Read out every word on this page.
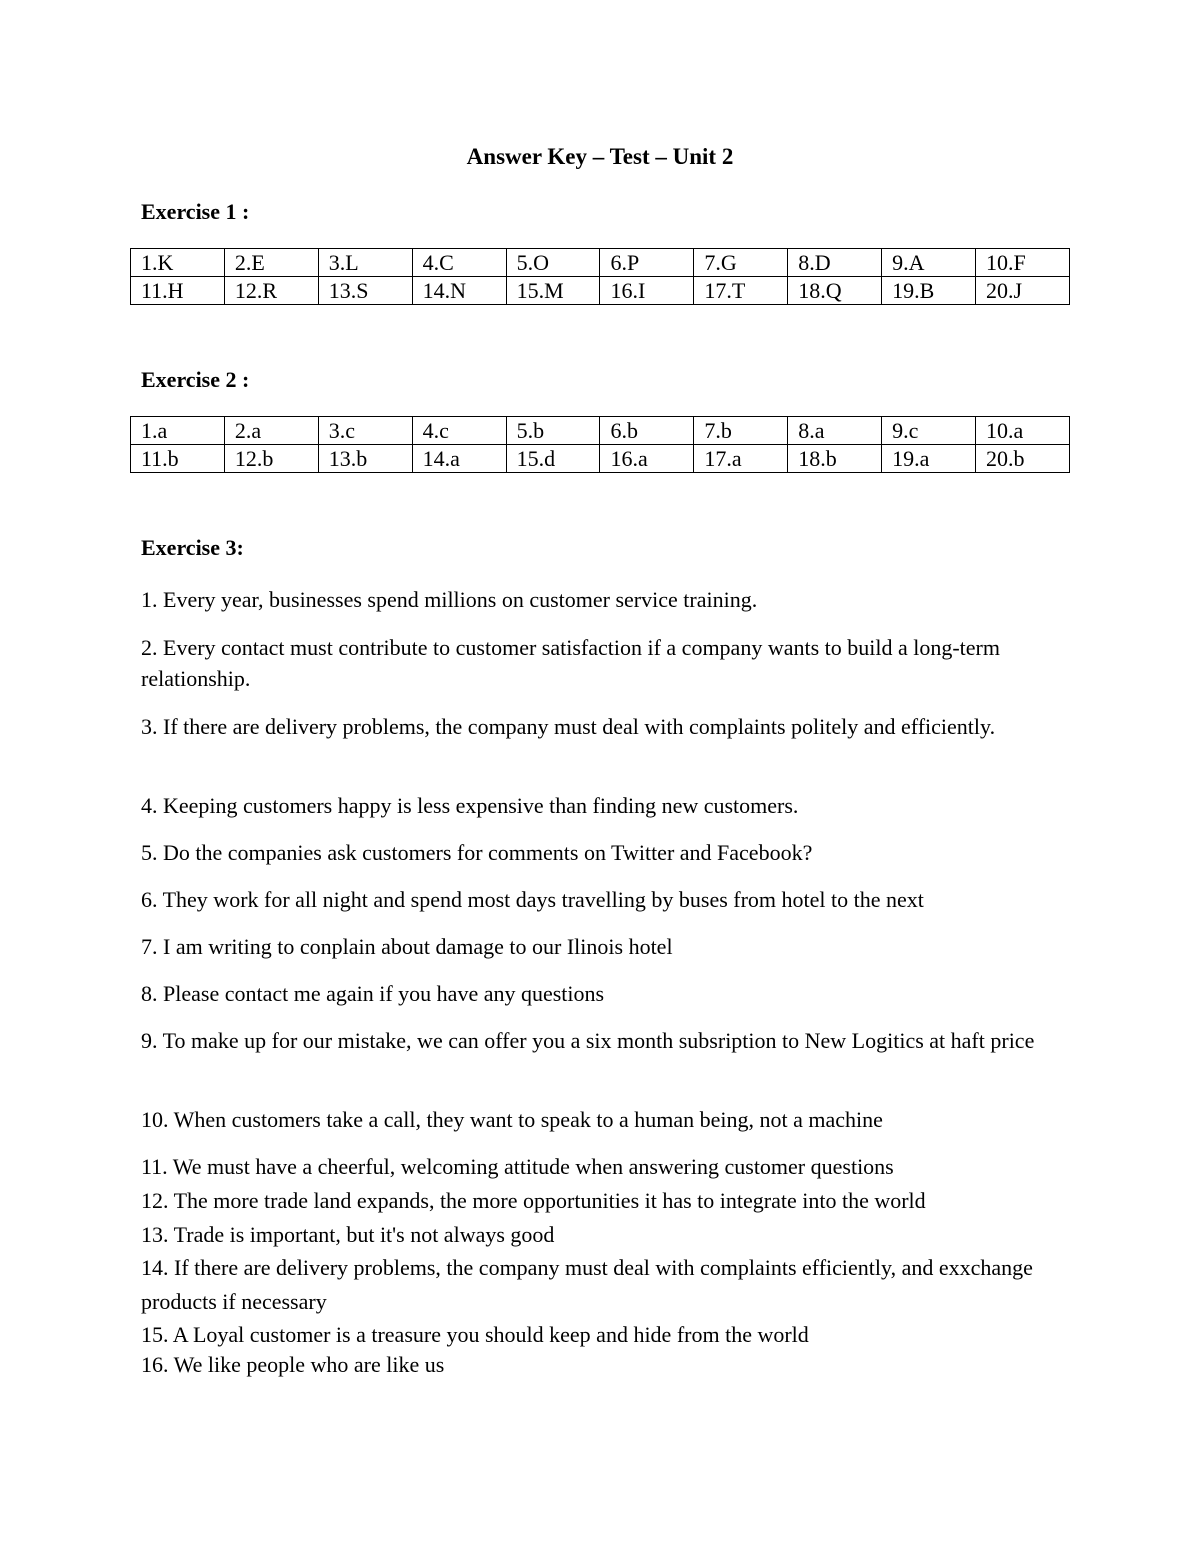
Answer Key – Test – Unit 2
Exercise 1 :
1.K	2.E	3.L	4.C	5.O	6.P	7.G	8.D	9.A	10.F
11.H	12.R	13.S	14.N	15.M	16.I	17.T	18.Q	19.B	20.J
Exercise 2 :
1.a	2.a	3.c	4.c	5.b	6.b	7.b	8.a	9.c	10.a
11.b	12.b	13.b	14.a	15.d	16.a	17.a	18.b	19.a	20.b
Exercise 3:
1. Every year, businesses spend millions on customer service training.
2. Every contact must contribute to customer satisfaction if a company wants to build a long-term relationship.
3. If there are delivery problems, the company must deal with complaints politely and efficiently.
4. Keeping customers happy is less expensive than finding new customers.
5. Do the companies ask customers for comments on Twitter and Facebook?
6. They work for all night and spend most days travelling by buses from hotel to the next
7. I am writing to conplain about damage to our Ilinois hotel
8. Please contact me again if you have any questions
9. To make up for our mistake, we can offer you a six month subsription to New Logitics at haft price
10. When customers take a call, they want to speak to a human being, not a machine
11. We must have a cheerful, welcoming attitude when answering customer questions
12. The more trade land expands, the more opportunities it has to integrate into the world
13. Trade is important, but it's not always good
14. If there are delivery problems, the company must deal with complaints efficiently, and exxchange products if necessary
15. A Loyal customer is a treasure you should keep and hide from the world
16. We like people who are like us
